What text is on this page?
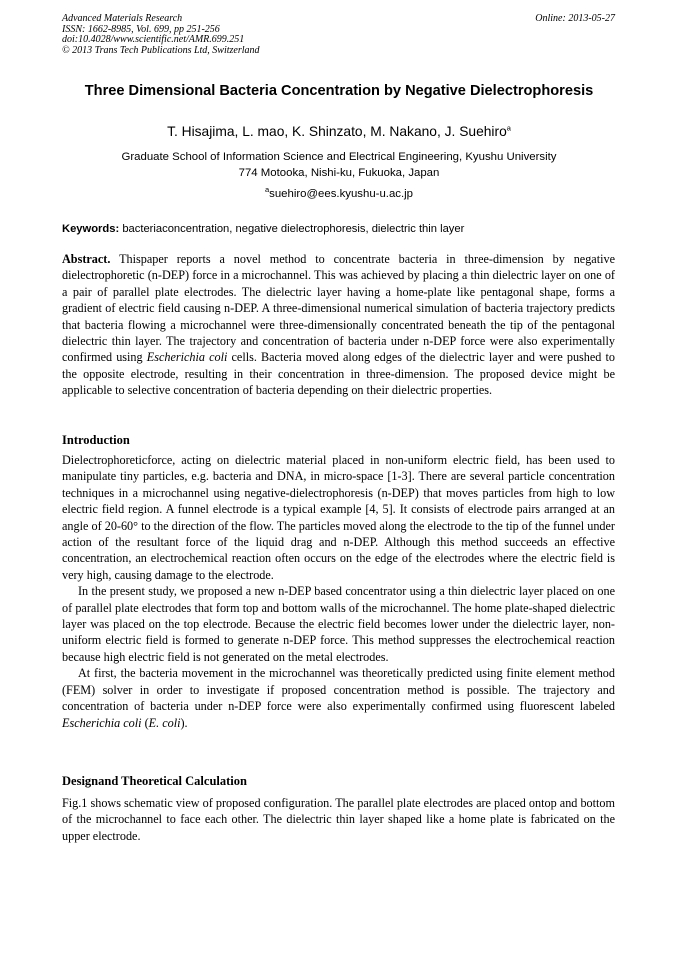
Advanced Materials Research
ISSN: 1662-8985, Vol. 699, pp 251-256
doi:10.4028/www.scientific.net/AMR.699.251
© 2013 Trans Tech Publications Ltd, Switzerland
Online: 2013-05-27
Three Dimensional Bacteria Concentration by Negative Dielectrophoresis
T. Hisajima, L. mao, K. Shinzato, M. Nakano, J. Suehiro$^a$
Graduate School of Information Science and Electrical Engineering, Kyushu University
774 Motooka, Nishi-ku, Fukuoka, Japan
$^a$suehiro@ees.kyushu-u.ac.jp
Keywords: bacteriaconcentration, negative dielectrophoresis, dielectric thin layer

Abstract. Thispaper reports a novel method to concentrate bacteria in three-dimension by negative dielectrophoretic (n-DEP) force in a microchannel. This was achieved by placing a thin dielectric layer on one of a pair of parallel plate electrodes. The dielectric layer having a home-plate like pentagonal shape, forms a gradient of electric field causing n-DEP. A three-dimensional numerical simulation of bacteria trajectory predicts that bacteria flowing a microchannel were three-dimensionally concentrated beneath the tip of the pentagonal dielectric thin layer. The trajectory and concentration of bacteria under n-DEP force were also experimentally confirmed using Escherichia coli cells. Bacteria moved along edges of the dielectric layer and were pushed to the opposite electrode, resulting in their concentration in three-dimension. The proposed device might be applicable to selective concentration of bacteria depending on their dielectric properties.

Introduction

Dielectrophoreticforce, acting on dielectric material placed in non-uniform electric field, has been used to manipulate tiny particles, e.g. bacteria and DNA, in micro-space [1-3]. There are several particle concentration techniques in a microchannel using negative-dielectrophoresis (n-DEP) that moves particles from high to low electric field region. A funnel electrode is a typical example [4, 5]. It consists of electrode pairs arranged at an angle of 20-60° to the direction of the flow. The particles moved along the electrode to the tip of the funnel under action of the resultant force of the liquid drag and n-DEP. Although this method succeeds an effective concentration, an electrochemical reaction often occurs on the edge of the electrodes where the electric field is very high, causing damage to the electrode.

In the present study, we proposed a new n-DEP based concentrator using a thin dielectric layer placed on one of parallel plate electrodes that form top and bottom walls of the microchannel. The home plate-shaped dielectric layer was placed on the top electrode. Because the electric field becomes lower under the dielectric layer, non-uniform electric field is formed to generate n-DEP force. This method suppresses the electrochemical reaction because high electric field is not generated on the metal electrodes.

At first, the bacteria movement in the microchannel was theoretically predicted using finite element method (FEM) solver in order to investigate if proposed concentration method is possible. The trajectory and concentration of bacteria under n-DEP force were also experimentally confirmed using fluorescent labeled Escherichia coli (E. coli).

Designand Theoretical Calculation

Fig.1 shows schematic view of proposed configuration. The parallel plate electrodes are placed ontop and bottom of the microchannel to face each other. The dielectric thin layer shaped like a home plate is fabricated on the upper electrode.
